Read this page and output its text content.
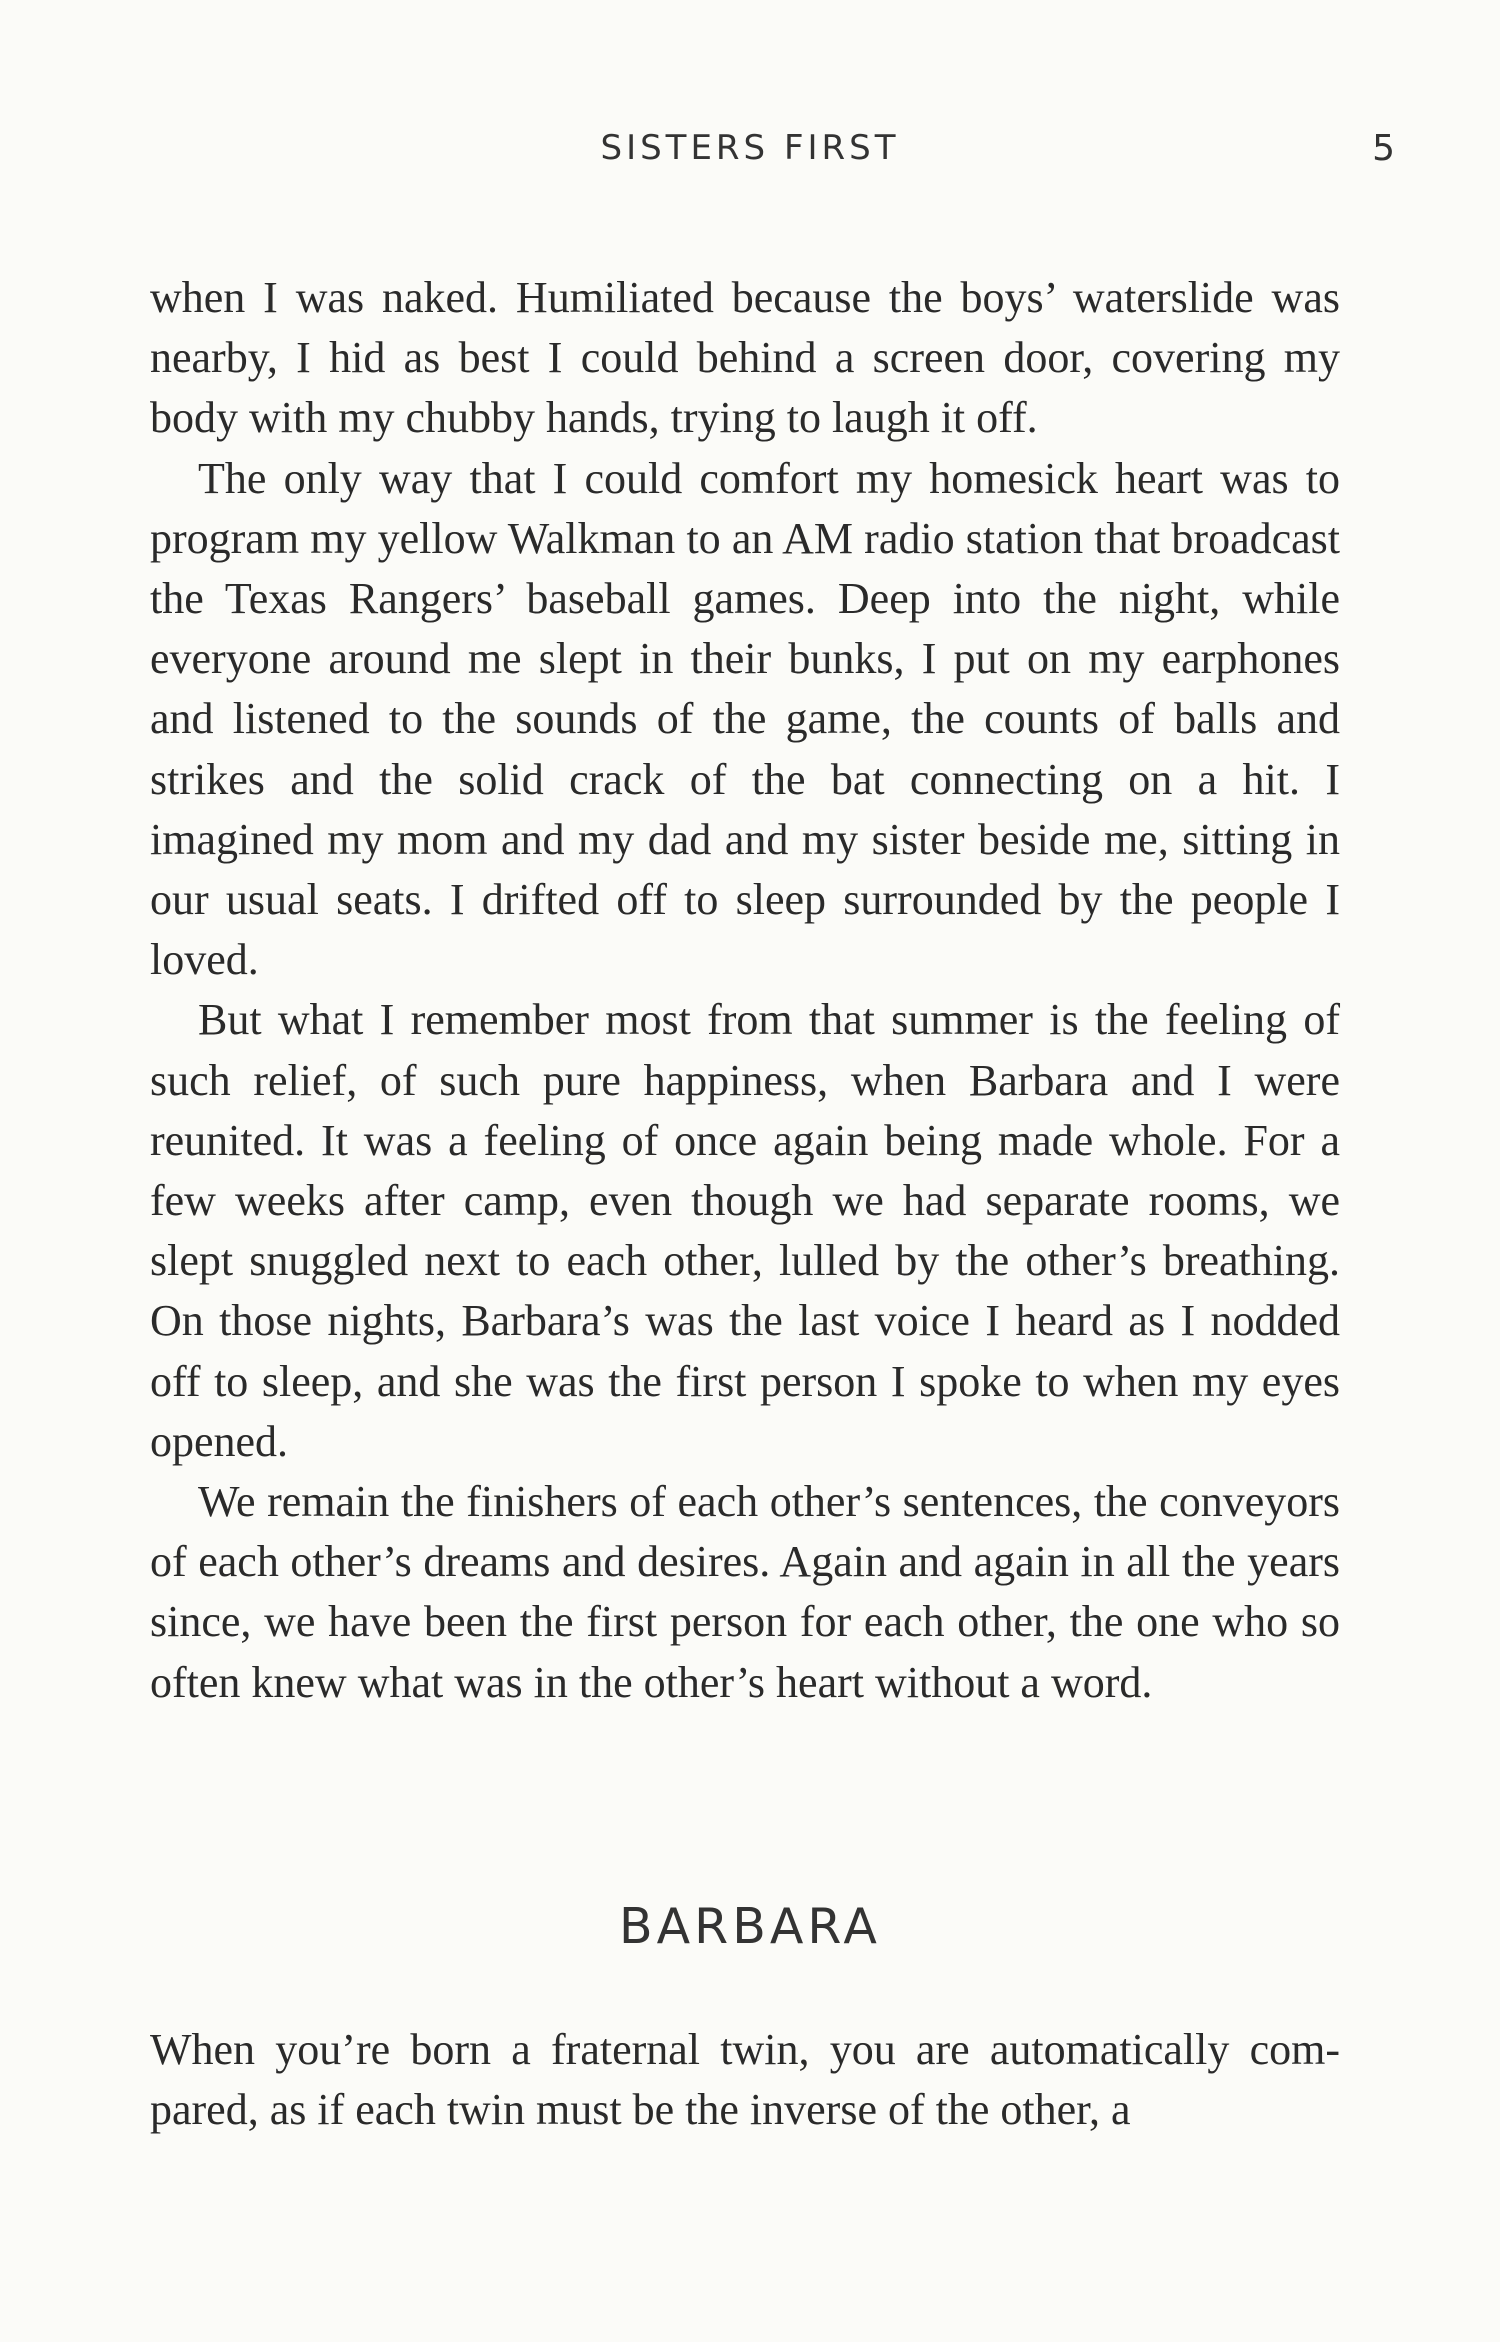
SISTERS FIRST	5

when I was naked. Humiliated because the boys’ waterslide was nearby, I hid as best I could behind a screen door, covering my body with my chubby hands, trying to laugh it off.

The only way that I could comfort my homesick heart was to program my yellow Walkman to an AM radio station that broadcast the Texas Rangers’ baseball games. Deep into the night, while everyone around me slept in their bunks, I put on my earphones and listened to the sounds of the game, the counts of balls and strikes and the solid crack of the bat connecting on a hit. I imagined my mom and my dad and my sister beside me, sitting in our usual seats. I drifted off to sleep surrounded by the people I loved.

But what I remember most from that summer is the feeling of such relief, of such pure happiness, when Barbara and I were reunited. It was a feeling of once again being made whole. For a few weeks after camp, even though we had separate rooms, we slept snuggled next to each other, lulled by the other’s breathing. On those nights, Barbara’s was the last voice I heard as I nodded off to sleep, and she was the first person I spoke to when my eyes opened.

We remain the finishers of each other’s sentences, the conveyors of each other’s dreams and desires. Again and again in all the years since, we have been the first person for each other, the one who so often knew what was in the other’s heart without a word.

BARBARA

When you’re born a fraternal twin, you are automatically compared, as if each twin must be the inverse of the other, a
